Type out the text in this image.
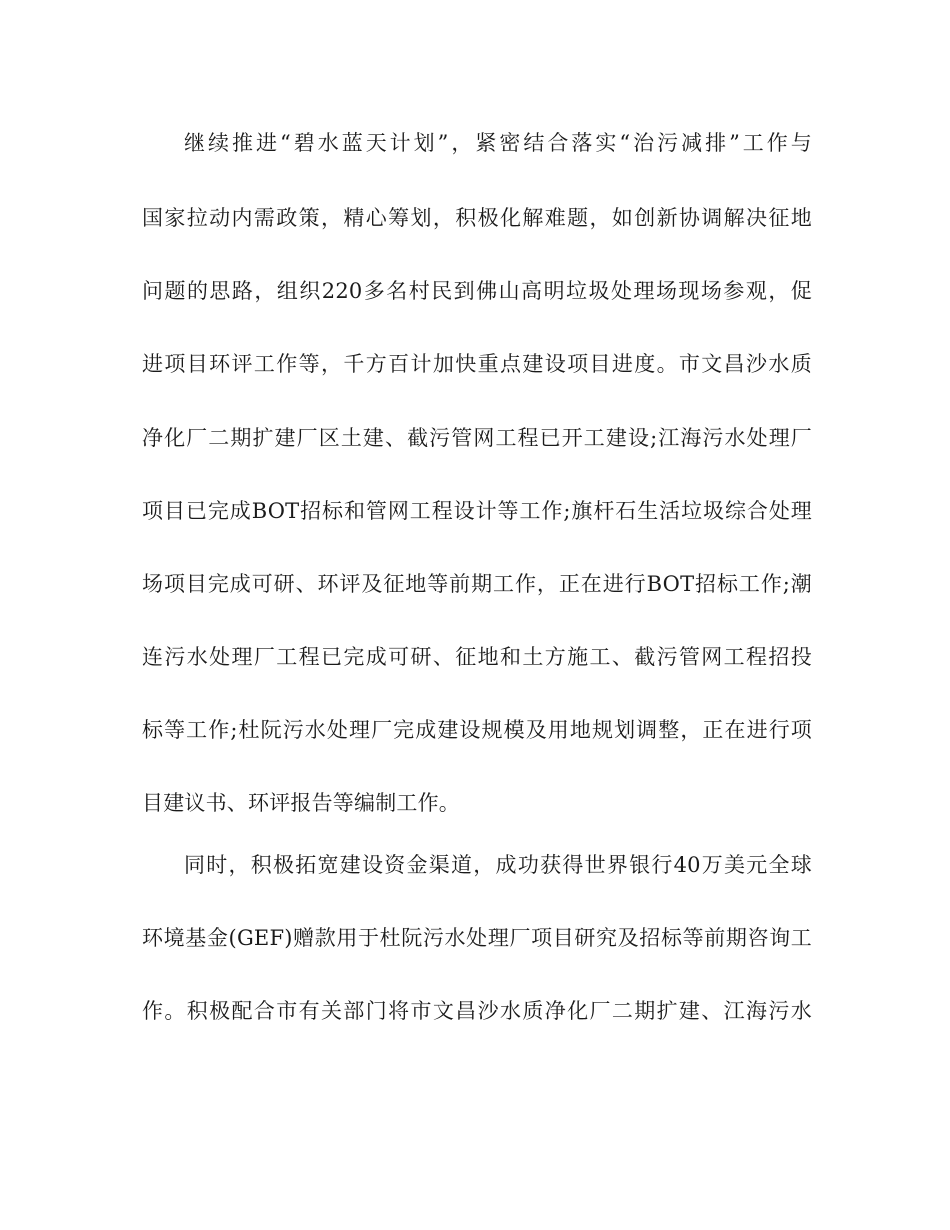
继续推进“碧水蓝天计划”，紧密结合落实“治污减排”工作与

国家拉动内需政策，精心筹划，积极化解难题，如创新协调解决征地

问题的思路，组织220多名村民到佛山高明垃圾处理场现场参观，促

进项目环评工作等，千方百计加快重点建设项目进度。市文昌沙水质

净化厂二期扩建厂区土建、截污管网工程已开工建设;江海污水处理厂

项目已完成BOT招标和管网工程设计等工作;旗杆石生活垃圾综合处理

场项目完成可研、环评及征地等前期工作，正在进行BOT招标工作;潮

连污水处理厂工程已完成可研、征地和土方施工、截污管网工程招投

标等工作;杜阮污水处理厂完成建设规模及用地规划调整，正在进行项

目建议书、环评报告等编制工作。

同时，积极拓宽建设资金渠道，成功获得世界银行40万美元全球

环境基金(GEF)赠款用于杜阮污水处理厂项目研究及招标等前期咨询工

作。积极配合市有关部门将市文昌沙水质净化厂二期扩建、江海污水
